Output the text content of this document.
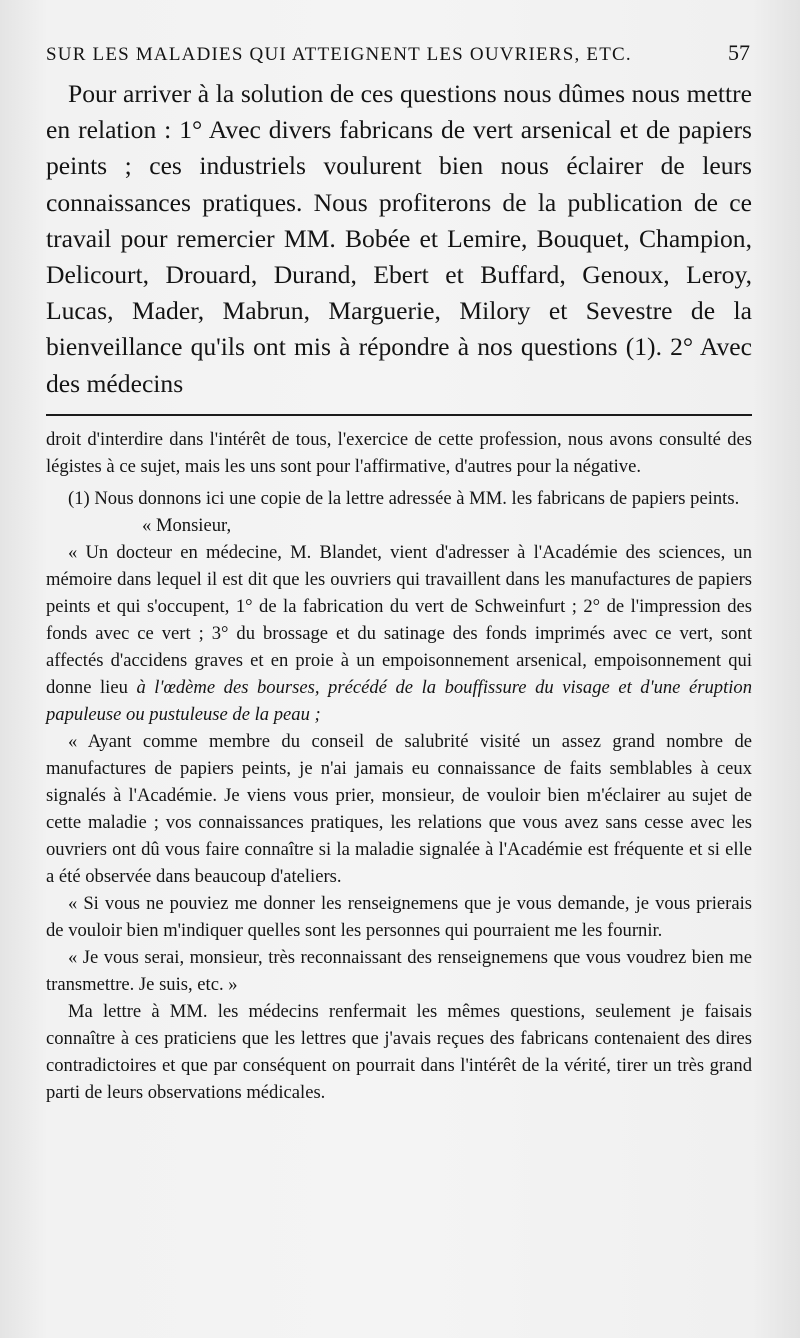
SUR LES MALADIES QUI ATTEIGNENT LES OUVRIERS, ETC.	57

Pour arriver à la solution de ces questions nous dûmes nous mettre en relation : 1° Avec divers fabricans de vert arsenical et de papiers peints ; ces industriels voulurent bien nous éclairer de leurs connaissances pratiques. Nous profiterons de la publication de ce travail pour remercier MM. Bobée et Lemire, Bouquet, Champion, Delicourt, Drouard, Durand, Ebert et Buffard, Genoux, Leroy, Lucas, Mader, Mabrun, Marguerie, Milory et Sevestre de la bienveillance qu'ils ont mis à répondre à nos questions (1). 2° Avec des médecins

droit d'interdire dans l'intérêt de tous, l'exercice de cette profession, nous avons consulté des légistes à ce sujet, mais les uns sont pour l'affirmative, d'autres pour la négative.

(1) Nous donnons ici une copie de la lettre adressée à MM. les fabricans de papiers peints.

« Monsieur,

« Un docteur en médecine, M. Blandet, vient d'adresser à l'Académie des sciences, un mémoire dans lequel il est dit que les ouvriers qui travaillent dans les manufactures de papiers peints et qui s'occupent, 1° de la fabrication du vert de Schweinfurt ; 2° de l'impression des fonds avec ce vert ; 3° du brossage et du satinage des fonds imprimés avec ce vert, sont affectés d'accidens graves et en proie à un empoisonnement arsenical, empoisonnement qui donne lieu à l'œdème des bourses, précédé de la bouffissure du visage et d'une éruption papuleuse ou pustuleuse de la peau ;

« Ayant comme membre du conseil de salubrité visité un assez grand nombre de manufactures de papiers peints, je n'ai jamais eu connaissance de faits semblables à ceux signalés à l'Académie. Je viens vous prier, monsieur, de vouloir bien m'éclairer au sujet de cette maladie ; vos connaissances pratiques, les relations que vous avez sans cesse avec les ouvriers ont dû vous faire connaître si la maladie signalée à l'Académie est fréquente et si elle a été observée dans beaucoup d'ateliers.

« Si vous ne pouviez me donner les renseignemens que je vous demande, je vous prierais de vouloir bien m'indiquer quelles sont les personnes qui pourraient me les fournir.

« Je vous serai, monsieur, très reconnaissant des renseignemens que vous voudrez bien me transmettre. Je suis, etc. »

Ma lettre à MM. les médecins renfermait les mêmes questions, seulement je faisais connaître à ces praticiens que les lettres que j'avais reçues des fabricans contenaient des dires contradictoires et que par conséquent on pourrait dans l'intérêt de la vérité, tirer un très grand parti de leurs observations médicales.
